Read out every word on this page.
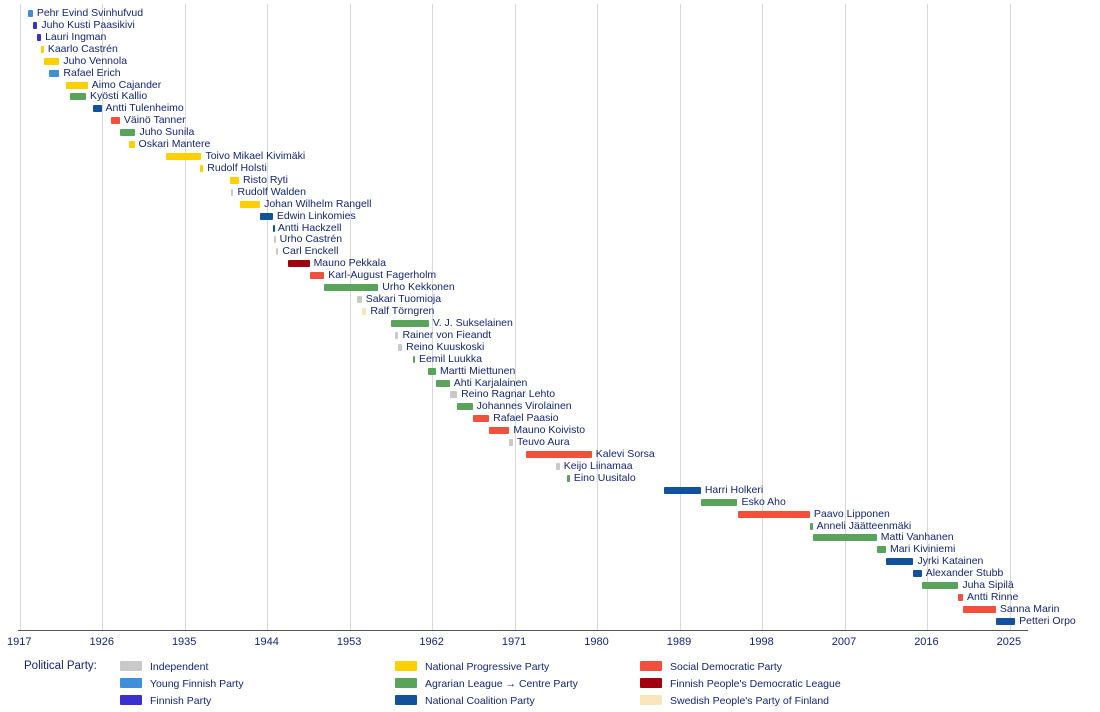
Pehr Evind Svinhufvud
Juho Kusti Paasikivi
Lauri Ingman
Kaarlo Castrén
Juho Vennola
Rafael Erich
Aimo Cajander
Kyösti Kallio
Antti Tulenheimo
Väinö Tanner
Juho Sunila
Oskari Mantere
Toivo Mikael Kivimäki
Rudolf Holsti
Risto Ryti
Rudolf Walden
Johan Wilhelm Rangell
Edwin Linkomies
Antti Hackzell
Urho Castrén
Carl Enckell
Mauno Pekkala
Karl-August Fagerholm
Urho Kekkonen
Sakari Tuomioja
Ralf Törngren
V. J. Sukselainen
Rainer von Fieandt
Reino Kuuskoski
Eemil Luukka
Martti Miettunen
Ahti Karjalainen
Reino Ragnar Lehto
Johannes Virolainen
Rafael Paasio
Mauno Koivisto
Teuvo Aura
Kalevi Sorsa
Keijo Liinamaa
Eino Uusitalo
Harri Holkeri
Esko Aho
Paavo Lipponen
Anneli Jäätteenmäki
Matti Vanhanen
Mari Kiviniemi
Jyrki Katainen
Alexander Stubb
Juha Sipilä
Antti Rinne
Sanna Marin
Petteri Orpo
1917	1926	1935	1944	1953	1962	1971	1980	1989	1998	2007	2016	2025
Political Party:	Independent
Young Finnish Party
Finnish Party
National Progressive Party
Agrarian League → Centre Party
National Coalition Party
Social Democratic Party
Finnish People's Democratic League
Swedish People's Party of Finland
